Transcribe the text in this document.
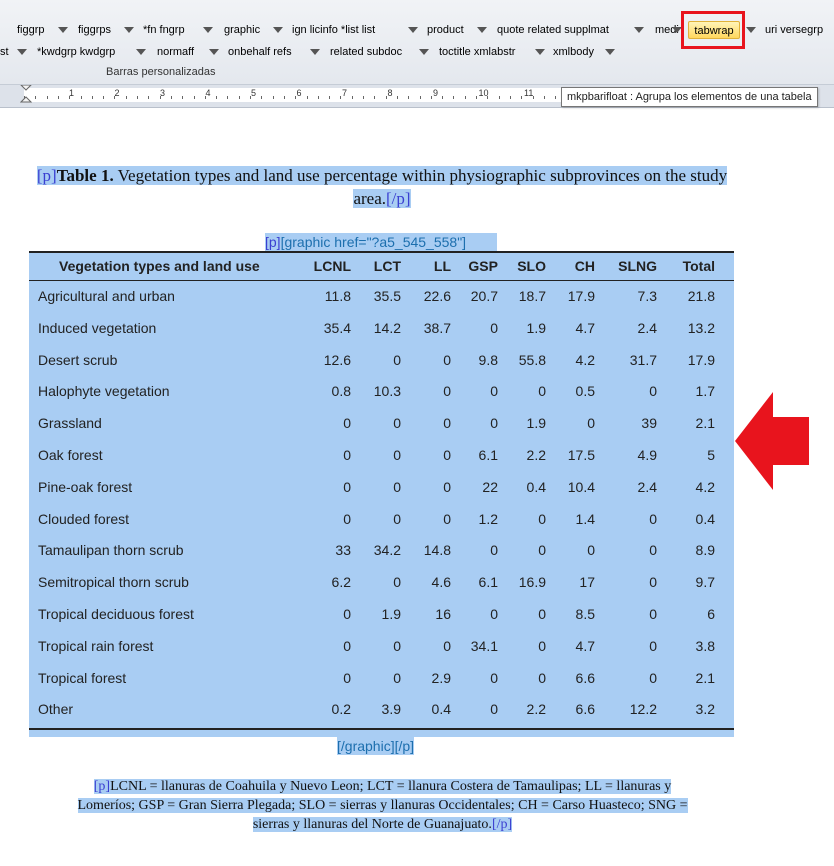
figgrp	figgrps	*fn fngrp	graphic	ign licinfo *list list	product	quote related supplmat	medi	uri versegrp
st	*kwdgrp kwdgrp	normaff	onbehalf refs	related subdoc	toctitle xmlabstr	xmlbody
Barras personalizadas
tabwrap
1	2	3	4	5	6	7	8	9	10	11	mkpbarifloat : Agrupa los elementos de una tabela
[p]Table 1. Vegetation types and land use percentage within physiographic subprovinces on the study area.[/p]
[p][graphic href="?a5_545_558"]
Vegetation types and land use	LCNL	LCT	LL	GSP	SLO	CH	SLNG	Total
Agricultural and urban	11.8	35.5	22.6	20.7	18.7	17.9	7.3	21.8
Induced vegetation	35.4	14.2	38.7	0	1.9	4.7	2.4	13.2
Desert scrub	12.6	0	0	9.8	55.8	4.2	31.7	17.9
Halophyte vegetation	0.8	10.3	0	0	0	0.5	0	1.7
Grassland	0	0	0	0	1.9	0	39	2.1
Oak forest	0	0	0	6.1	2.2	17.5	4.9	5
Pine-oak forest	0	0	0	22	0.4	10.4	2.4	4.2
Clouded forest	0	0	0	1.2	0	1.4	0	0.4
Tamaulipan thorn scrub	33	34.2	14.8	0	0	0	0	8.9
Semitropical thorn scrub	6.2	0	4.6	6.1	16.9	17	0	9.7
Tropical deciduous forest	0	1.9	16	0	0	8.5	0	6
Tropical rain forest	0	0	0	34.1	0	4.7	0	3.8
Tropical forest	0	0	2.9	0	0	6.6	0	2.1
Other	0.2	3.9	0.4	0	2.2	6.6	12.2	3.2
[/graphic][/p]
[p]LCNL = llanuras de Coahuila y Nuevo Leon; LCT = llanura Costera de Tamaulipas; LL = llanuras y
Lomeríos; GSP = Gran Sierra Plegada; SLO = sierras y llanuras Occidentales; CH = Carso Huasteco; SNG =
sierras y llanuras del Norte de Guanajuato.[/p]
